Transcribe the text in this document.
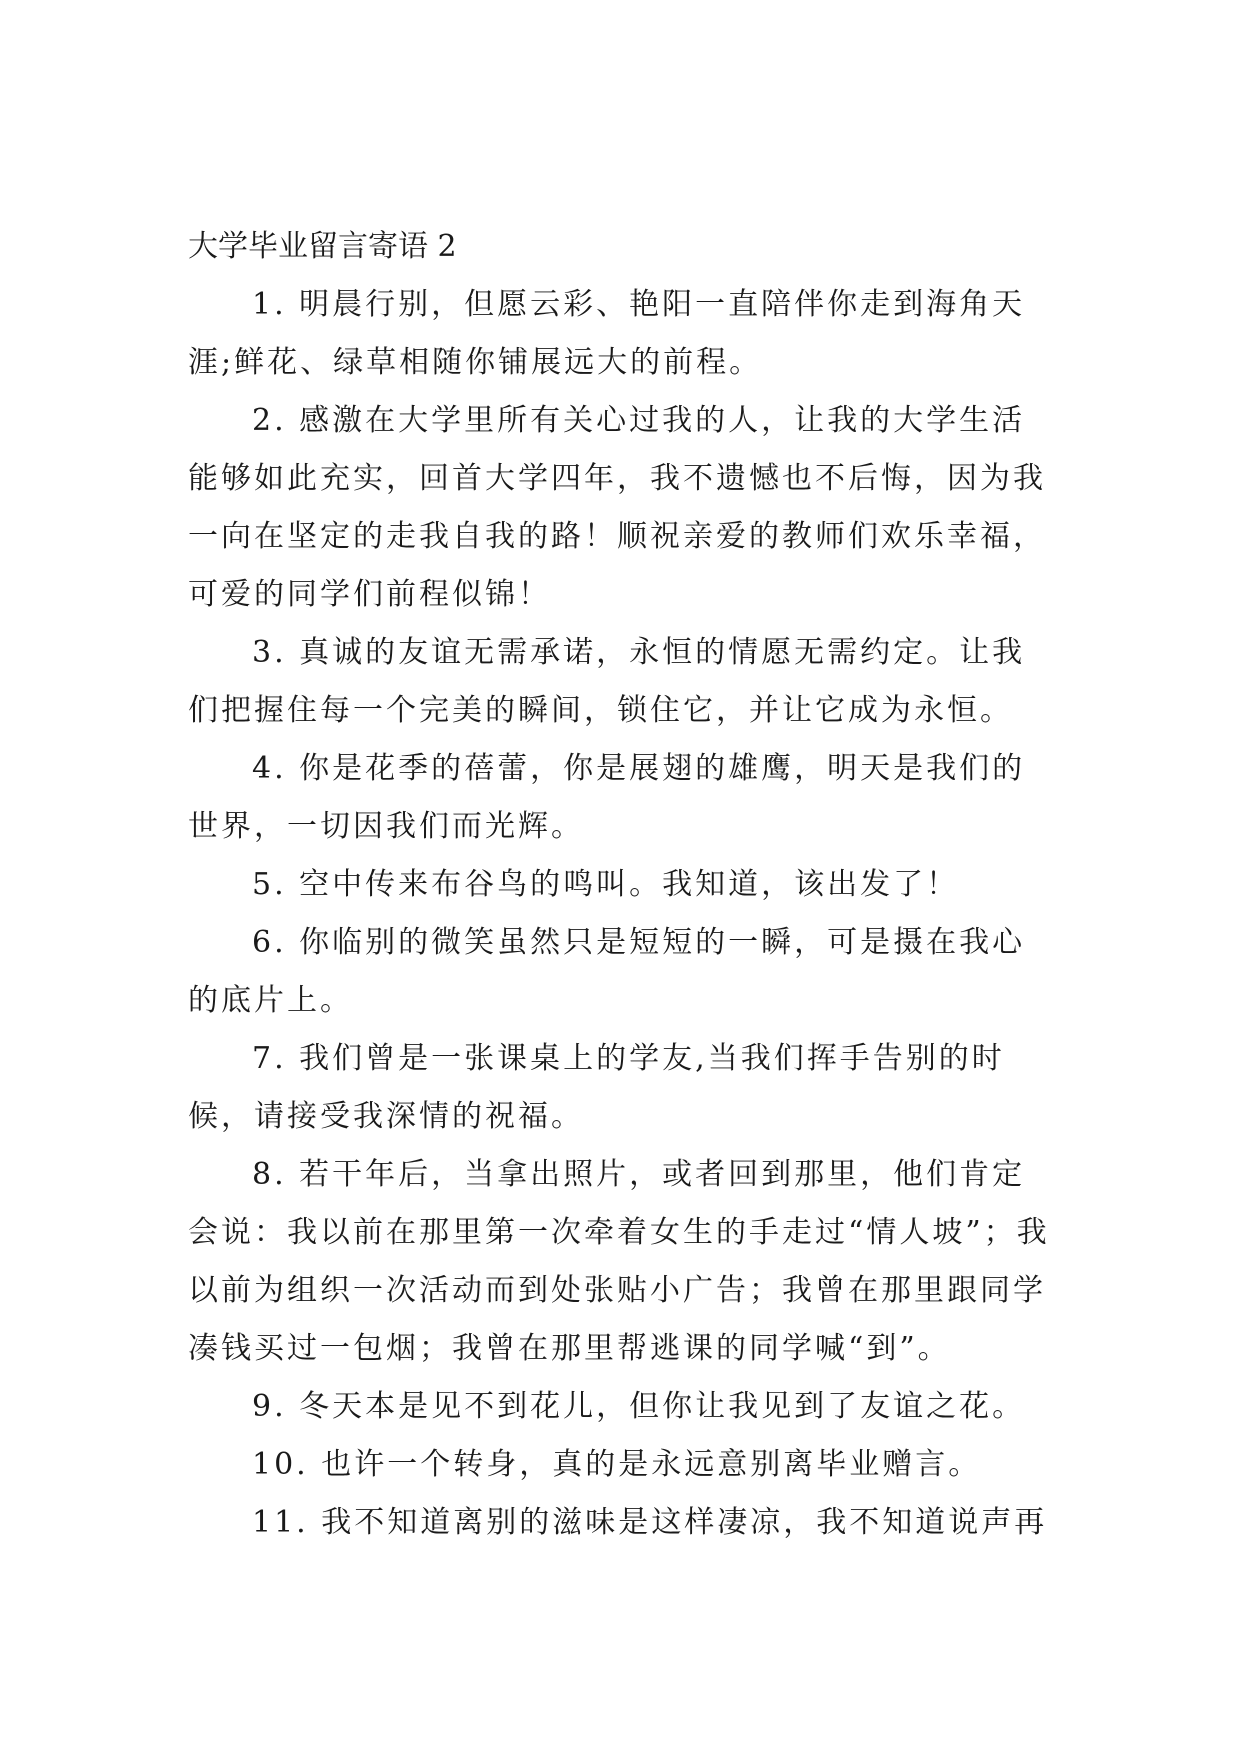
大学毕业留言寄语 2

1. 明晨行别，但愿云彩、艳阳一直陪伴你走到海角天涯;鲜花、绿草相随你铺展远大的前程。

2. 感激在大学里所有关心过我的人，让我的大学生活能够如此充实，回首大学四年，我不遗憾也不后悔，因为我一向在坚定的走我自我的路！顺祝亲爱的教师们欢乐幸福，可爱的同学们前程似锦！

3. 真诚的友谊无需承诺，永恒的情愿无需约定。让我们把握住每一个完美的瞬间，锁住它，并让它成为永恒。

4. 你是花季的蓓蕾，你是展翅的雄鹰，明天是我们的世界，一切因我们而光辉。

5. 空中传来布谷鸟的鸣叫。我知道，该出发了！

6. 你临别的微笑虽然只是短短的一瞬，可是摄在我心的底片上。

7. 我们曾是一张课桌上的学友,当我们挥手告别的时候，请接受我深情的祝福。

8. 若干年后，当拿出照片，或者回到那里，他们肯定会说：我以前在那里第一次牵着女生的手走过“情人坡”；我以前为组织一次活动而到处张贴小广告；我曾在那里跟同学凑钱买过一包烟；我曾在那里帮逃课的同学喊“到”。

9. 冬天本是见不到花儿，但你让我见到了友谊之花。

10. 也许一个转身，真的是永远意别离毕业赠言。

11. 我不知道离别的滋味是这样凄凉，我不知道说声再
